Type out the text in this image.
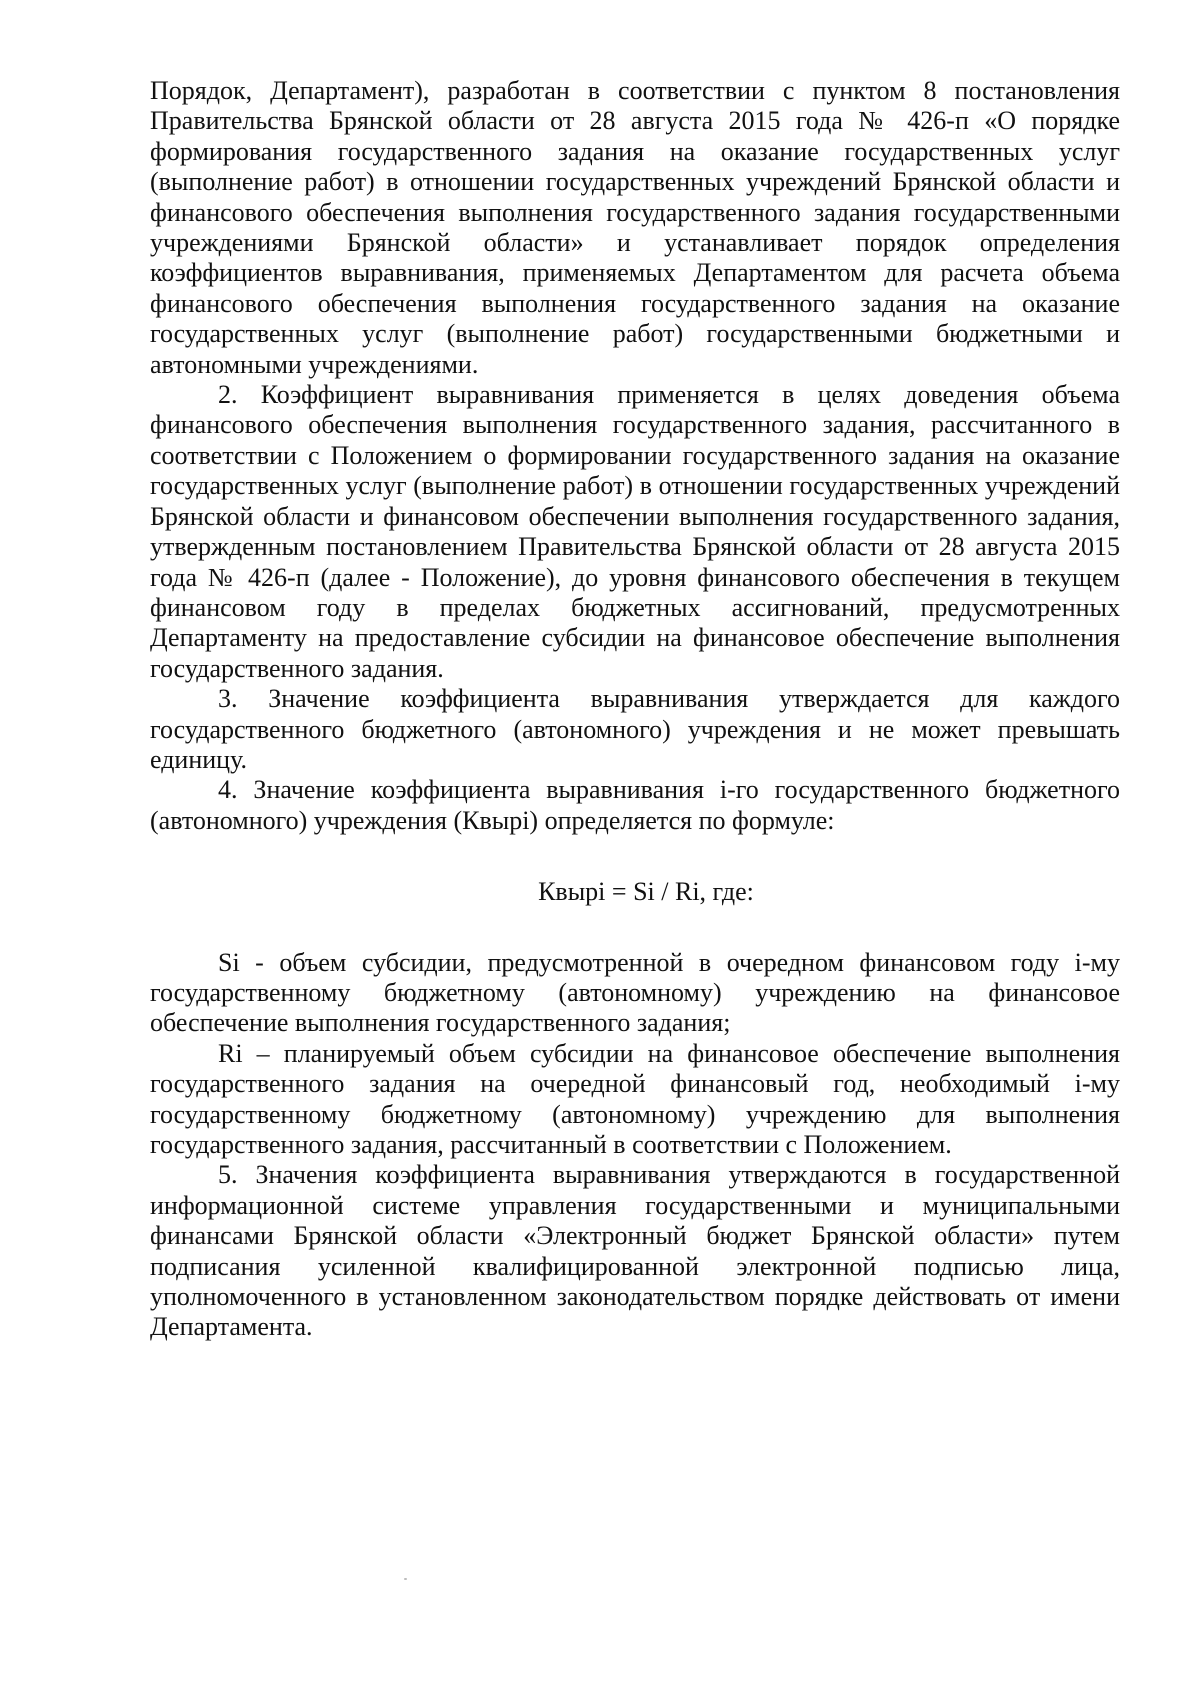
Порядок, Департамент), разработан в соответствии с пунктом 8 постановления Правительства Брянской области от 28 августа 2015 года № 426-п «О порядке формирования государственного задания на оказание государственных услуг (выполнение работ) в отношении государственных учреждений Брянской области и финансового обеспечения выполнения государственного задания государственными учреждениями Брянской области» и устанавливает порядок определения коэффициентов выравнивания, применяемых Департаментом для расчета объема финансового обеспечения выполнения государственного задания на оказание государственных услуг (выполнение работ) государственными бюджетными и автономными учреждениями.

2. Коэффициент выравнивания применяется в целях доведения объема финансового обеспечения выполнения государственного задания, рассчитанного в соответствии с Положением о формировании государственного задания на оказание государственных услуг (выполнение работ) в отношении государственных учреждений Брянской области и финансовом обеспечении выполнения государственного задания, утвержденным постановлением Правительства Брянской области от 28 августа 2015 года № 426-п (далее - Положение), до уровня финансового обеспечения в текущем финансовом году в пределах бюджетных ассигнований, предусмотренных Департаменту на предоставление субсидии на финансовое обеспечение выполнения государственного задания.

3. Значение коэффициента выравнивания утверждается для каждого государственного бюджетного (автономного) учреждения и не может превышать единицу.

4. Значение коэффициента выравнивания i-го государственного бюджетного (автономного) учреждения (Квырi) определяется по формуле:

Квырi = Si / Ri, где:

Si - объем субсидии, предусмотренной в очередном финансовом году i-му государственному бюджетному (автономному) учреждению на финансовое обеспечение выполнения государственного задания;

Ri – планируемый объем субсидии на финансовое обеспечение выполнения государственного задания на очередной финансовый год, необходимый i-му государственному бюджетному (автономному) учреждению для выполнения государственного задания, рассчитанный в соответствии с Положением.

5. Значения коэффициента выравнивания утверждаются в государственной информационной системе управления государственными и муниципальными финансами Брянской области «Электронный бюджет Брянской области» путем подписания усиленной квалифицированной электронной подписью лица, уполномоченного в установленном законодательством порядке действовать от имени Департамента.
